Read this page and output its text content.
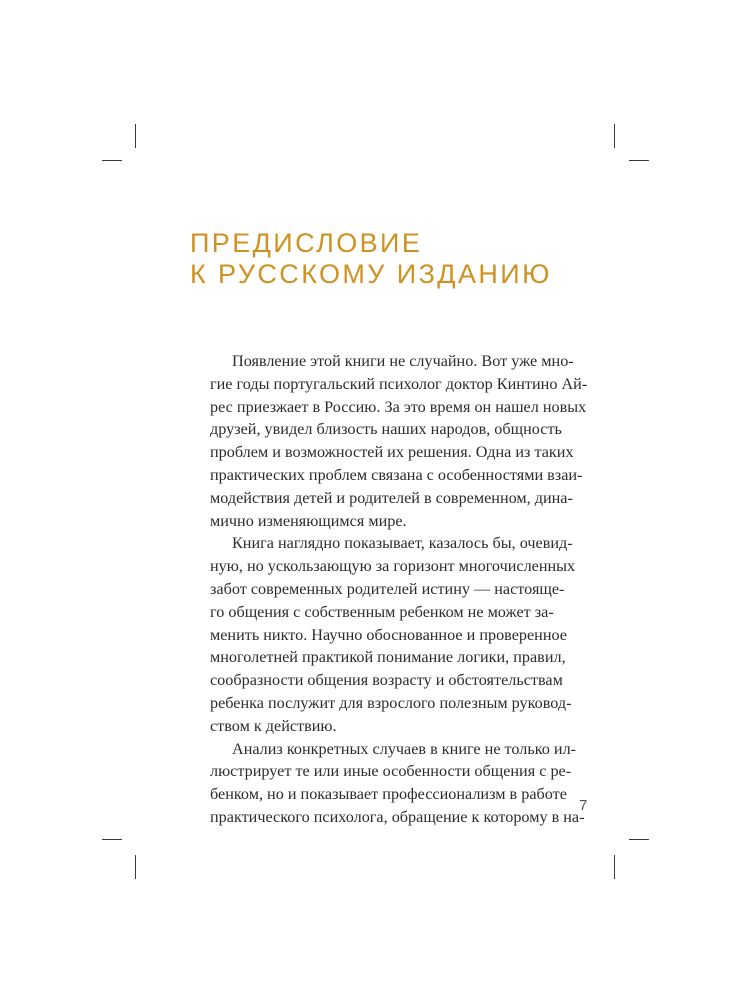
ПРЕДИСЛОВИЕ
К РУССКОМУ ИЗДАНИЮ

Появление этой книги не случайно. Вот уже мно-
гие годы португальский психолог доктор Кинтино Ай-
рес приезжает в Россию. За это время он нашел новых
друзей, увидел близость наших народов, общность
проблем и возможностей их решения. Одна из таких
практических проблем связана с особенностями взаи-
модействия детей и родителей в современном, дина-
мично изменяющимся мире.

Книга наглядно показывает, казалось бы, очевид-
ную, но ускользающую за горизонт многочисленных
забот современных родителей истину — настояще-
го общения с собственным ребенком не может за-
менить никто. Научно обоснованное и проверенное
многолетней практикой понимание логики, правил,
сообразности общения возрасту и обстоятельствам
ребенка послужит для взрослого полезным руковод-
ством к действию.

Анализ конкретных случаев в книге не только ил-
люстрирует те или иные особенности общения с ре-
бенком, но и показывает профессионализм в работе
практического психолога, обращение к которому в на-

7
